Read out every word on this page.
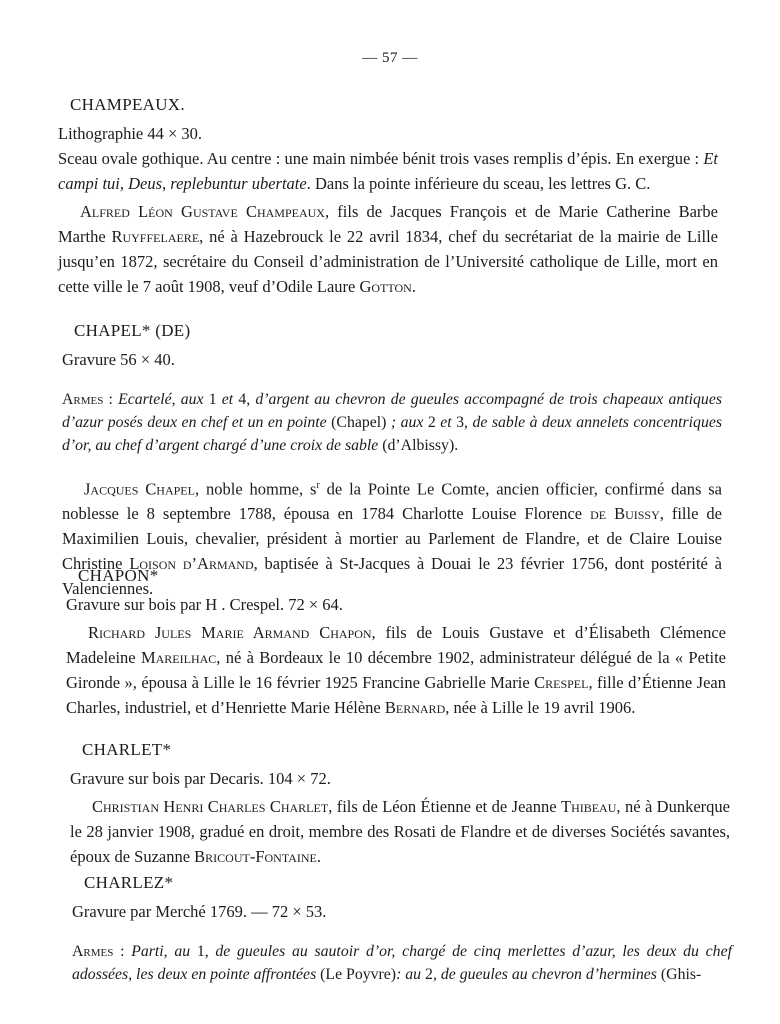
— 57 —
CHAMPEAUX.

Lithographie 44 × 30.

Sceau ovale gothique. Au centre : une main nimbée bénit trois vases remplis d’épis. En exergue : Et campi tui, Deus, replebuntur ubertate. Dans la pointe inférieure du sceau, les lettres G. C.

Alfred Léon Gustave Champeaux, fils de Jacques François et de Marie Catherine Barbe Marthe Ruyffelaere, né à Hazebrouck le 22 avril 1834, chef du secrétariat de la mairie de Lille jusqu’en 1872, secrétaire du Conseil d’administration de l’Université catholique de Lille, mort en cette ville le 7 août 1908, veuf d’Odile Laure Gotton.

CHAPEL* (DE)

Gravure 56 × 40.

Armes : Ecartelé, aux 1 et 4, d’argent au chevron de gueules accompagné de trois chapeaux antiques d’azur posés deux en chef et un en pointe (Chapel) ; aux 2 et 3, de sable à deux annelets concentriques d’or, au chef d’argent chargé d’une croix de sable (d’Albissy).

Jacques Chapel, noble homme, $s^r$ de la Pointe Le Comte, ancien officier, confirmé dans sa noblesse le 8 septembre 1788, épousa en 1784 Charlotte Louise Florence de Buissy, fille de Maximilien Louis, chevalier, président à mortier au Parlement de Flandre, et de Claire Louise Christine Loison d’Armand, baptisée à St-Jacques à Douai le 23 février 1756, dont postérité à Valenciennes.

CHAPON*

Gravure sur bois par H . Crespel. 72 × 64.

Richard Jules Marie Armand Chapon, fils de Louis Gustave et d’Élisabeth Clémence Madeleine Mareilhac, né à Bordeaux le 10 décembre 1902, administrateur délégué de la « Petite Gironde », épousa à Lille le 16 février 1925 Francine Gabrielle Marie Crespel, fille d’Étienne Jean Charles, industriel, et d’Henriette Marie Hélène Bernard, née à Lille le 19 avril 1906.

CHARLET*

Gravure sur bois par Decaris. 104 × 72.

Christian Henri Charles Charlet, fils de Léon Étienne et de Jeanne Thibeau, né à Dunkerque le 28 janvier 1908, gradué en droit, membre des Rosati de Flandre et de diverses Sociétés savantes, époux de Suzanne Bricout-Fontaine.

CHARLEZ*

Gravure par Merché 1769. — 72 × 53.

Armes : Parti, au 1, de gueules au sautoir d’or, chargé de cinq merlettes d’azur, les deux du chef adossées, les deux en pointe affrontées (Le Poyvre): au 2, de gueules au chevron d’hermines (Ghis-
